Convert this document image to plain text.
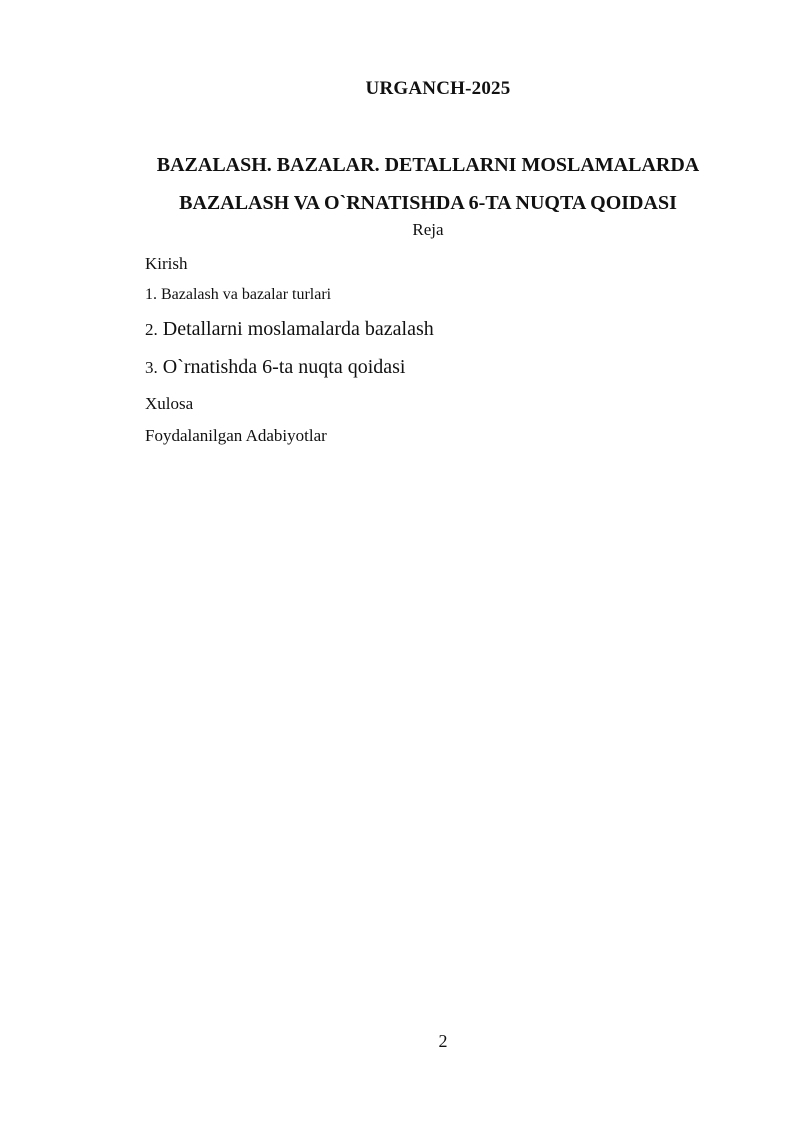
URGANCH-2025
BAZALASH. BAZALAR. DETALLARNI MOSLAMALARDA
BAZALASH VA O`RNATISHDA 6-TA NUQTA QOIDASI
Reja
Kirish
1. Bazalash va bazalar turlari
2. Detallarni moslamalarda bazalash
3. O`rnatishda 6-ta nuqta qoidasi
Xulosa
Foydalanilgan Adabiyotlar
2
